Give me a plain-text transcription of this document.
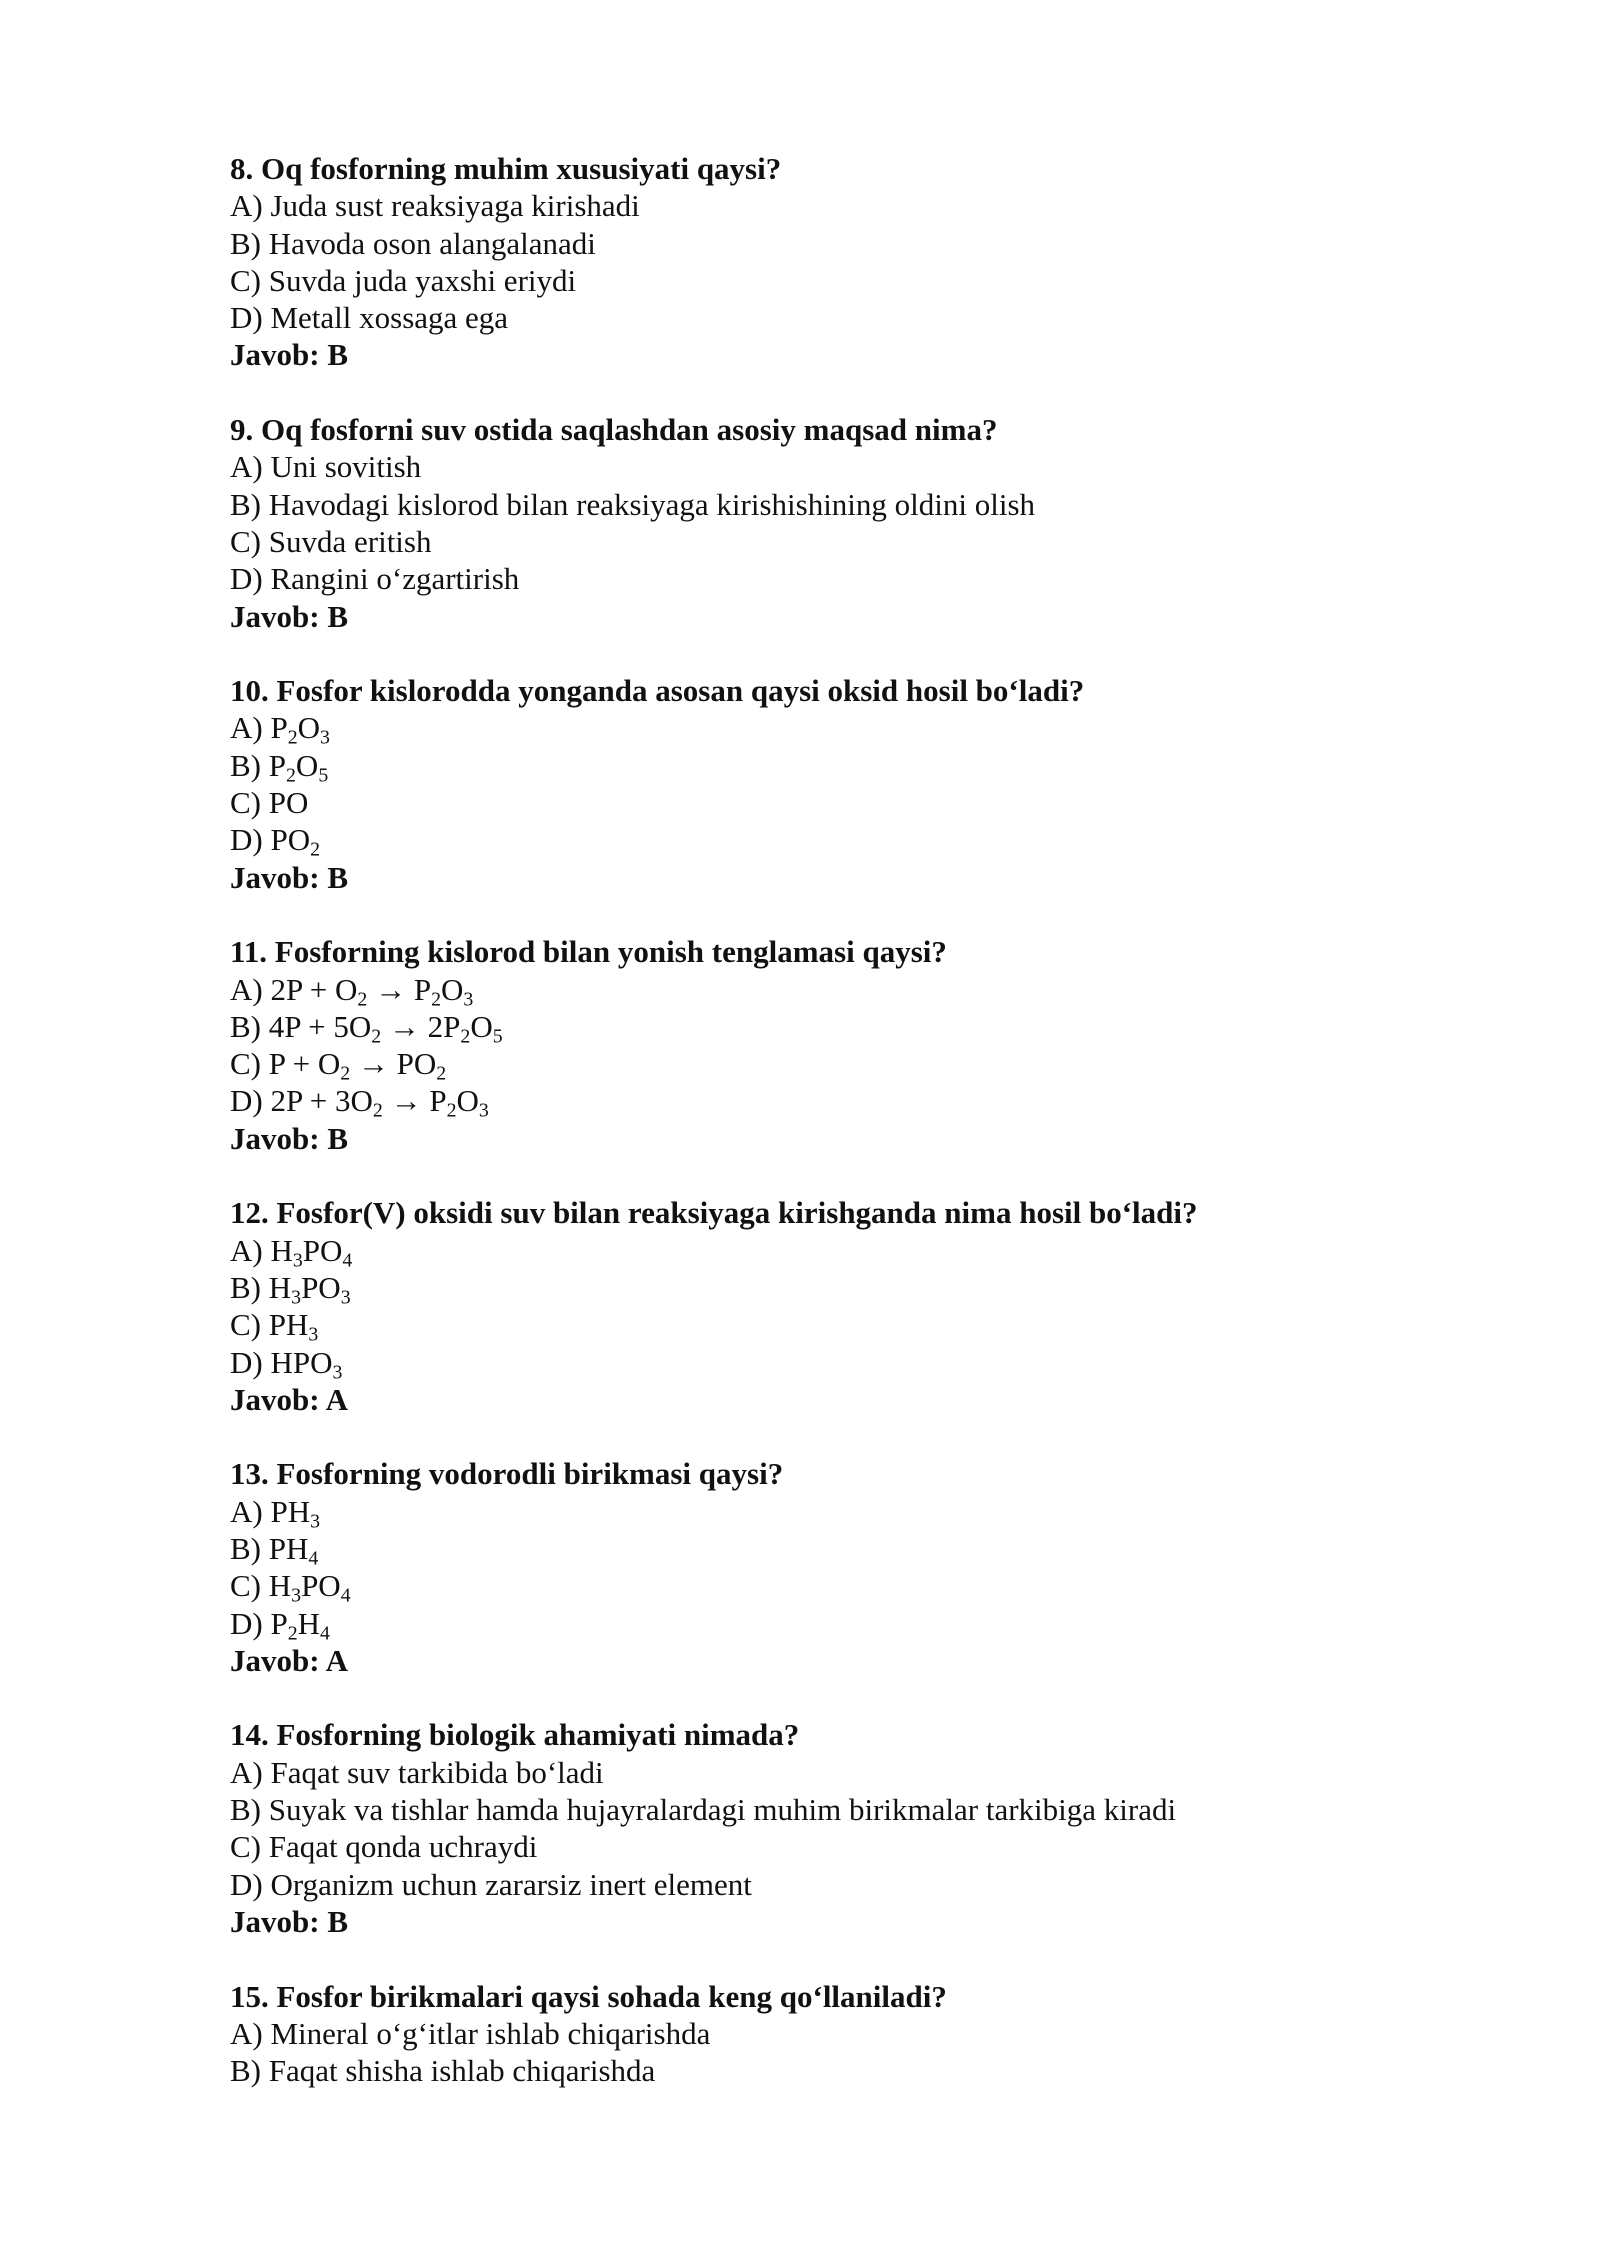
8. Oq fosforning muhim xususiyati qaysi?
A) Juda sust reaksiyaga kirishadi
B) Havoda oson alangalanadi
C) Suvda juda yaxshi eriydi
D) Metall xossaga ega
Javob: B
9. Oq fosforni suv ostida saqlashdan asosiy maqsad nima?
A) Uni sovitish
B) Havodagi kislorod bilan reaksiyaga kirishishining oldini olish
C) Suvda eritish
D) Rangini oʻzgartirish
Javob: B
10. Fosfor kislorodda yonganda asosan qaysi oksid hosil boʻladi?
A) $P_2O_3$
B) $P_2O_5$
C) PO
D) $PO_2$
Javob: B
11. Fosforning kislorod bilan yonish tenglamasi qaysi?
A) $2P + O_2 \to P_2O_3$
B) $4P + 5O_2 \to 2P_2O_5$
C) $P + O_2 \to PO_2$
D) $2P + 3O_2 \to P_2O_3$
Javob: B
12. Fosfor(V) oksidi suv bilan reaksiyaga kirishganda nima hosil boʻladi?
A) $H_3PO_4$
B) $H_3PO_3$
C) $PH_3$
D) $HPO_3$
Javob: A
13. Fosforning vodorodli birikmasi qaysi?
A) $PH_3$
B) $PH_4$
C) $H_3PO_4$
D) $P_2H_4$
Javob: A
14. Fosforning biologik ahamiyati nimada?
A) Faqat suv tarkibida boʻladi
B) Suyak va tishlar hamda hujayralardagi muhim birikmalar tarkibiga kiradi
C) Faqat qonda uchraydi
D) Organizm uchun zararsiz inert element
Javob: B
15. Fosfor birikmalari qaysi sohada keng qoʻllaniladi?
A) Mineral oʻgʻitlar ishlab chiqarishda
B) Faqat shisha ishlab chiqarishda
